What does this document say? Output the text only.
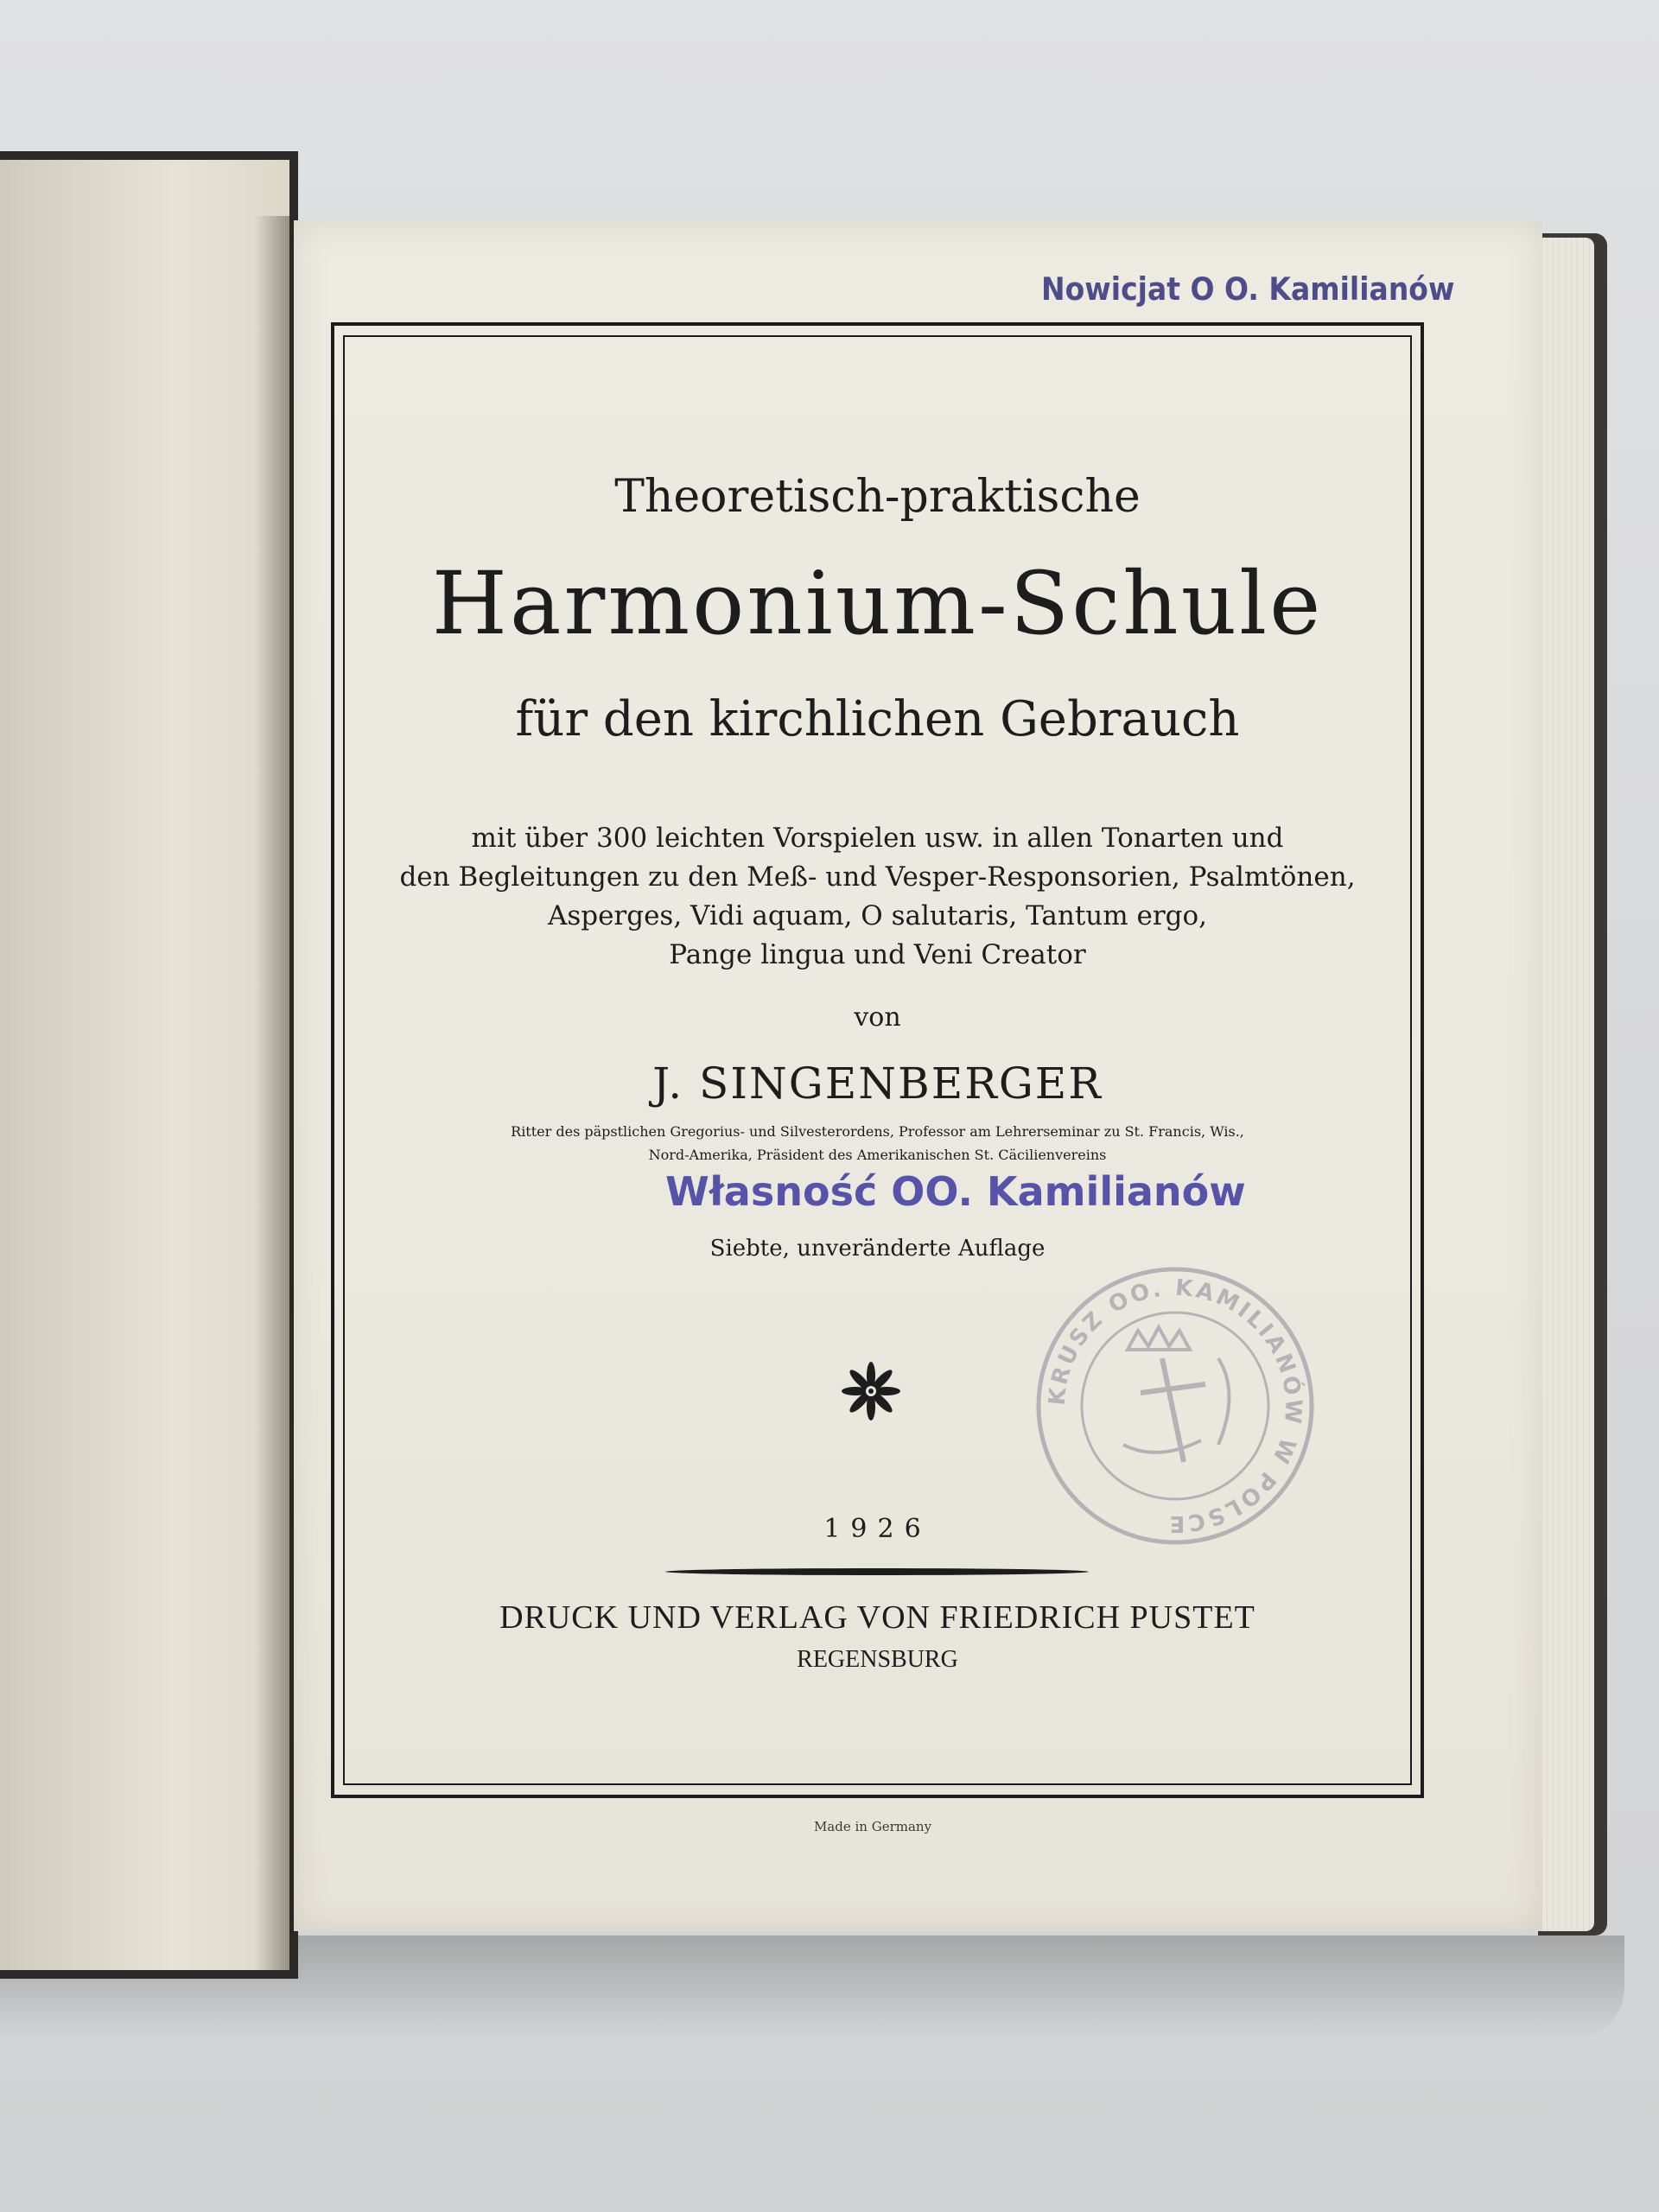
Nowicjat O O. Kamilianów
Theoretisch-praktische
Harmonium-Schule
für den kirchlichen Gebrauch
mit über 300 leichten Vorspielen usw. in allen Tonarten und
den Begleitungen zu den Meß- und Vesper-Responsorien, Psalmtönen,
Asperges, Vidi aquam, O salutaris, Tantum ergo,
Pange lingua und Veni Creator
von
J. SINGENBERGER
Ritter des päpstlichen Gregorius- und Silvesterordens, Professor am Lehrerseminar zu St. Francis, Wis.,
Nord-Amerika, Präsident des Amerikanischen St. Cäcilienvereins
Własność OO. Kamilianów
Siebte, unveränderte Auflage
KRUSZ OO. KAMILIANÓW W POLSCE
1926
DRUCK UND VERLAG VON FRIEDRICH PUSTET
REGENSBURG
Made in Germany
